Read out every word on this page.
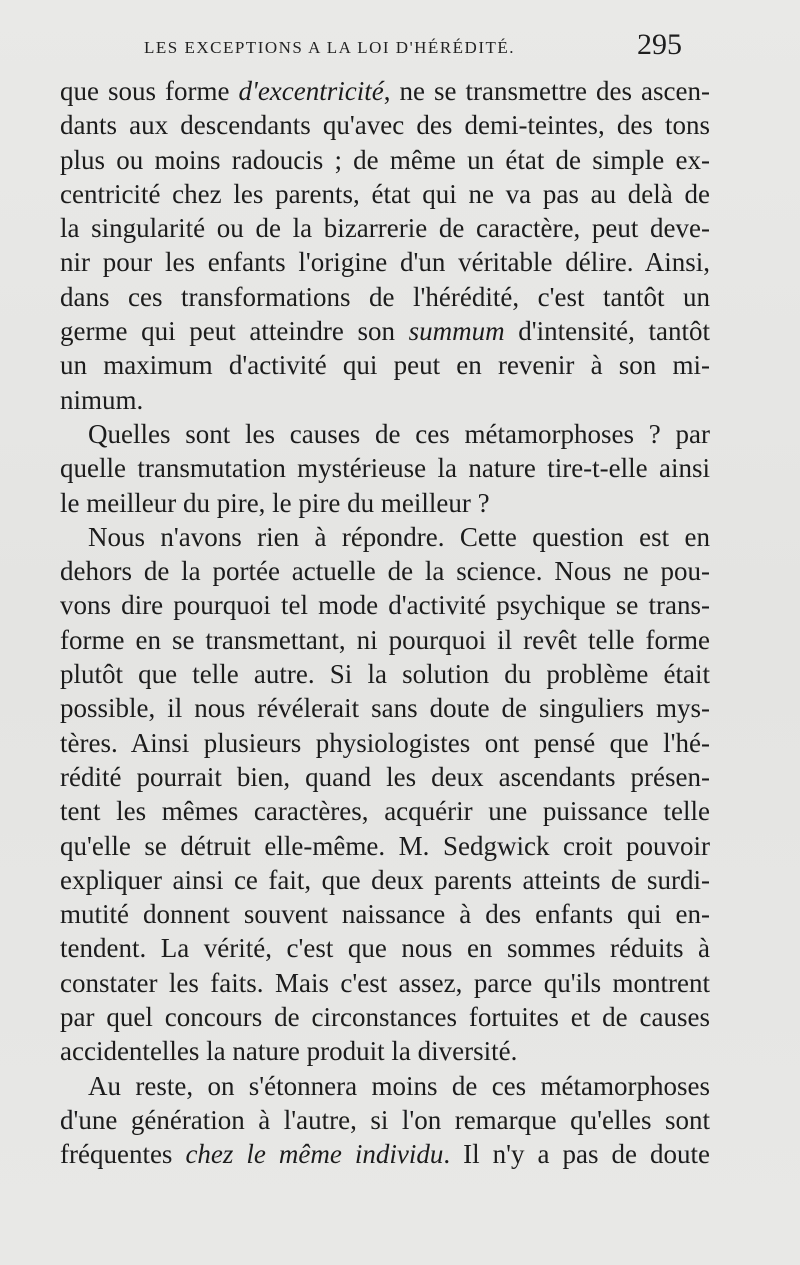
LES EXCEPTIONS A LA LOI D'HÉRÉDITÉ.	295
que sous forme d'excentricité, ne se transmettre des ascen-
dants aux descendants qu'avec des demi-teintes, des tons
plus ou moins radoucis ; de même un état de simple ex-
centricité chez les parents, état qui ne va pas au delà de
la singularité ou de la bizarrerie de caractère, peut deve-
nir pour les enfants l'origine d'un véritable délire. Ainsi,
dans ces transformations de l'hérédité, c'est tantôt un
germe qui peut atteindre son summum d'intensité, tantôt
un maximum d'activité qui peut en revenir à son mi-
nimum.
Quelles sont les causes de ces métamorphoses ? par
quelle transmutation mystérieuse la nature tire-t-elle ainsi
le meilleur du pire, le pire du meilleur ?
Nous n'avons rien à répondre. Cette question est en
dehors de la portée actuelle de la science. Nous ne pou-
vons dire pourquoi tel mode d'activité psychique se trans-
forme en se transmettant, ni pourquoi il revêt telle forme
plutôt que telle autre. Si la solution du problème était
possible, il nous révélerait sans doute de singuliers mys-
tères. Ainsi plusieurs physiologistes ont pensé que l'hé-
rédité pourrait bien, quand les deux ascendants présen-
tent les mêmes caractères, acquérir une puissance telle
qu'elle se détruit elle-même. M. Sedgwick croit pouvoir
expliquer ainsi ce fait, que deux parents atteints de surdi-
mutité donnent souvent naissance à des enfants qui en-
tendent. La vérité, c'est que nous en sommes réduits à
constater les faits. Mais c'est assez, parce qu'ils montrent
par quel concours de circonstances fortuites et de causes
accidentelles la nature produit la diversité.
Au reste, on s'étonnera moins de ces métamorphoses
d'une génération à l'autre, si l'on remarque qu'elles sont
fréquentes chez le même individu. Il n'y a pas de doute
